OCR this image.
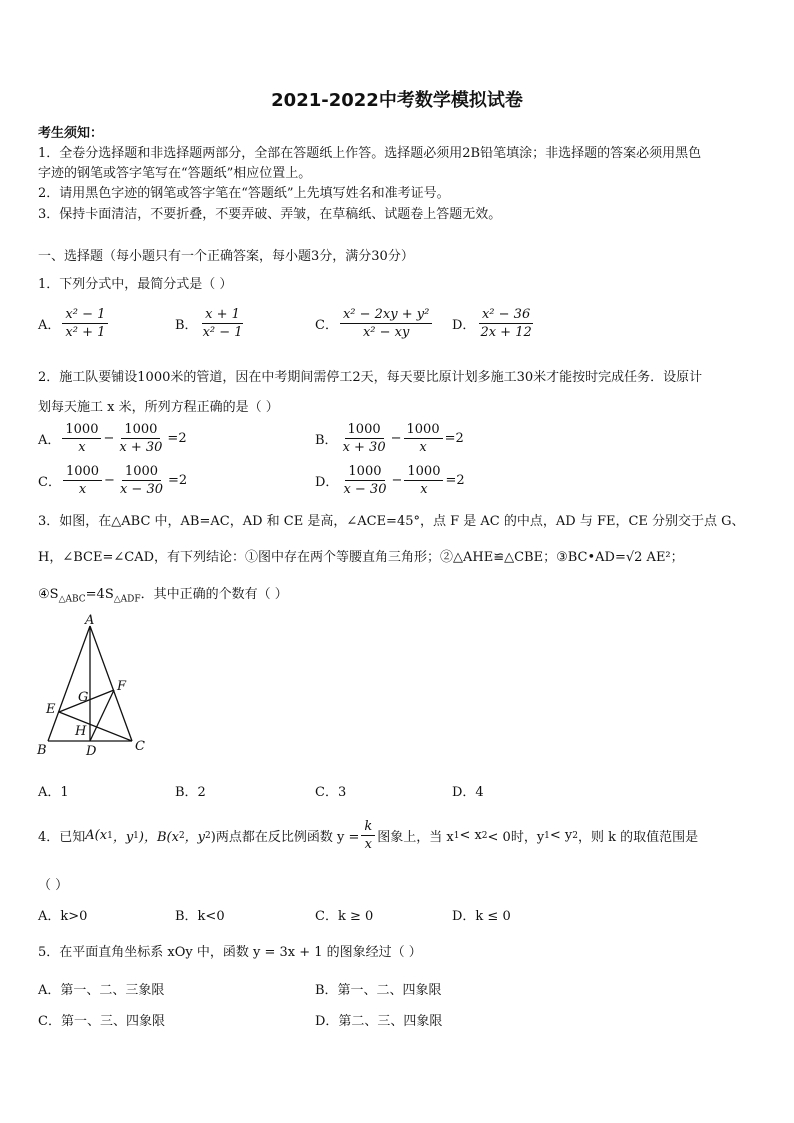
2021-2022中考数学模拟试卷
考生须知：
1．全卷分选择题和非选择题两部分，全部在答题纸上作答。选择题必须用2B铅笔填涂；非选择题的答案必须用黑色
字迹的钢笔或答字笔写在“答题纸”相应位置上。
2．请用黑色字迹的钢笔或答字笔在“答题纸”上先填写姓名和准考证号。
3．保持卡面清洁，不要折叠，不要弄破、弄皱，在草稿纸、试题卷上答题无效。
一、选择题（每小题只有一个正确答案，每小题3分，满分30分）
1．下列分式中，最简分式是（ ）
A． $\frac{\text{x² − 1}}{\text{x² + 1}}$	B． $\frac{x + 1}{\text{x² − 1}}$	C． $\frac{\text{x² − 2xy + y²}}{\text{x² − xy}}$ D． $\frac{\text{x² − 36}}{2x + 12}$
2．施工队要铺设1000米的管道，因在中考期间需停工2天，每天要比原计划多施工30米才能按时完成任务．设原计
划每天施工 x 米，所列方程正确的是（ ）
A． $\frac{1000}{x} - \frac{1000}{x + 30} =2$	B． $\frac{1000}{x + 30} - \frac{1000}{x} =2$
C． $\frac{1000}{x} - \frac{1000}{x - 30} =2$	D． $\frac{1000}{x - 30} - \frac{1000}{x} =2$
3．如图，在△ABC 中，AB=AC，AD 和 CE 是高，∠ACE=45°，点 F 是 AC 的中点，AD 与 FE，CE 分别交于点 G、
H，∠BCE=∠CAD，有下列结论：①图中存在两个等腰直角三角形；②△AHE≌△CBE；③BC•AD=√2 AE²；
$④S_{\triangle ABC}=4S_{\triangle ADF}$．其中正确的个数有（ ）
A
B	C
D
E
F
G
H
A．1	B．2	C．3	D．4
4．已知 A(x 1 ，y 1 )，B(x 2 ，y 2 )两点都在反比例函数 $y = \frac{k}{x}$ 图象上，当 x 1 < x 2 < 0时，y 1 < y 2 ，则 k 的取值范围是
（ ）
A．k>0	B．k<0	C．k ≥ 0	D．k ≤ 0
5．在平面直角坐标系 xOy 中，函数 y = 3x + 1 的图象经过（ ）
A．第一、二、三象限	B．第一、二、四象限
C．第一、三、四象限	D．第二、三、四象限
